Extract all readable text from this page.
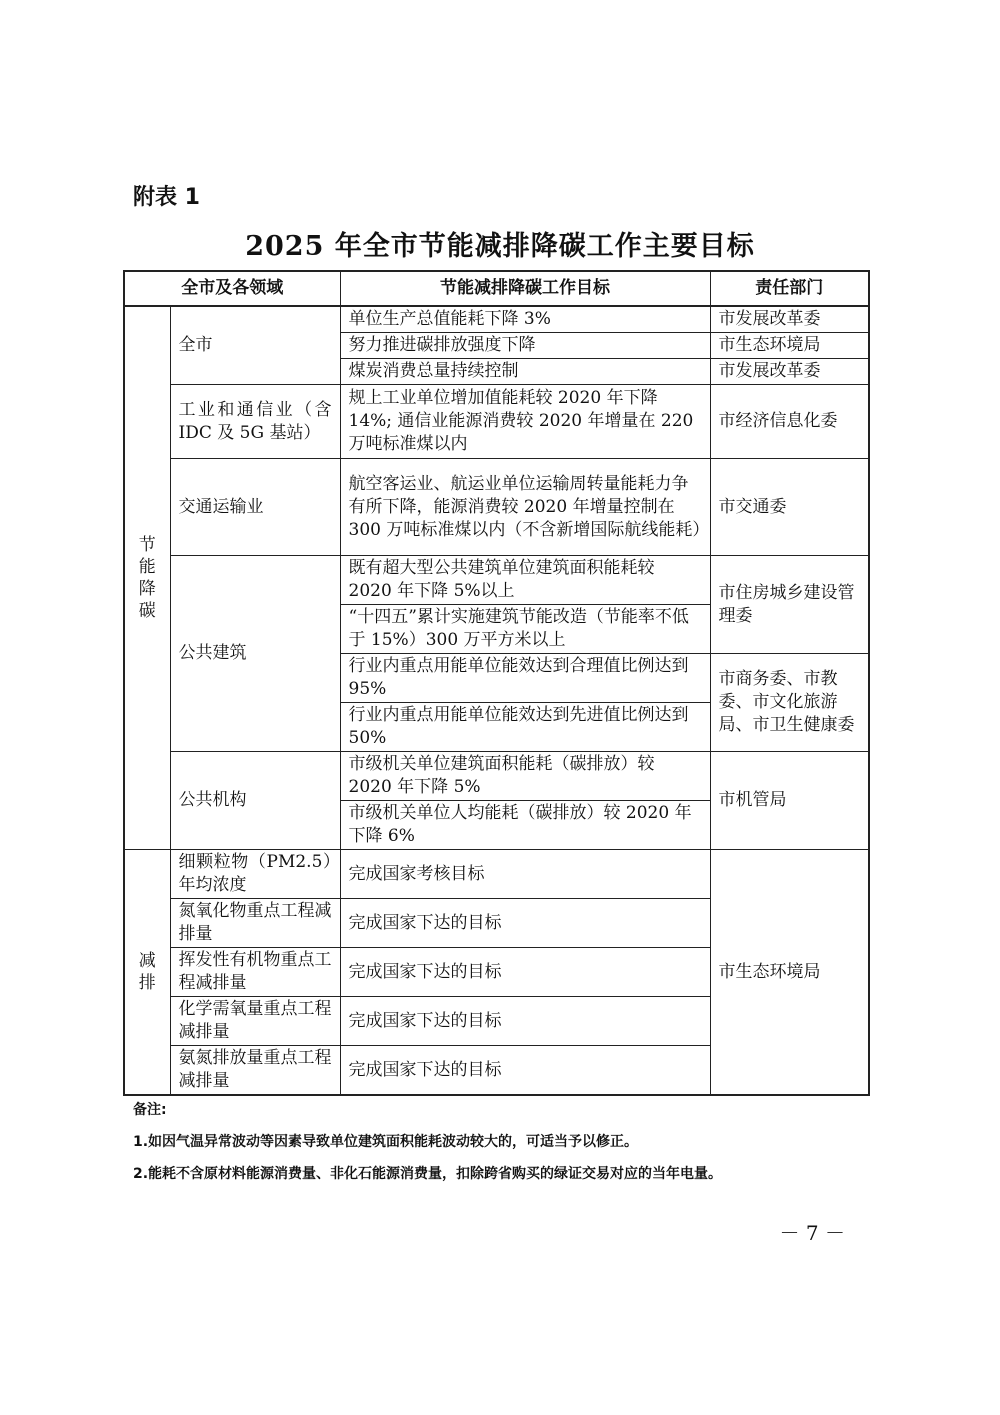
附表 1
2025 年全市节能减排降碳工作主要目标
全市及各领域		节能减排降碳工作目标	责任部门
节能降碳	全市	单位生产总值能耗下降 3%	市发展改革委
		努力推进碳排放强度下降	市生态环境局
		煤炭消费总量持续控制	市发展改革委
	工业和通信业（含 IDC 及 5G 基站）	规上工业单位增加值能耗较 2020 年下降 14%; 通信业能源消费较 2020 年增量在 220 万吨标准煤以内	市经济信息化委
	交通运输业	航空客运业、航运业单位运输周转量能耗力争有所下降，能源消费较 2020 年增量控制在 300 万吨标准煤以内（不含新增国际航线能耗）	市交通委
	公共建筑	既有超大型公共建筑单位建筑面积能耗较 2020 年下降 5%以上	市住房城乡建设管理委
		“十四五”累计实施建筑节能改造（节能率不低于 15%）300 万平方米以上	
		行业内重点用能单位能效达到合理值比例达到 95%	市商务委、市教委、市文化旅游局、市卫生健康委
		行业内重点用能单位能效达到先进值比例达到 50%	
	公共机构	市级机关单位建筑面积能耗（碳排放）较 2020 年下降 5%	市机管局
		市级机关单位人均能耗（碳排放）较 2020 年下降 6%	

减排	细颗粒物（PM2.5）年均浓度	完成国家考核目标	市生态环境局
	氮氧化物重点工程减排量	完成国家下达的目标	
	挥发性有机物重点工程减排量	完成国家下达的目标	
	化学需氧量重点工程减排量	完成国家下达的目标	
	氨氮排放量重点工程减排量	完成国家下达的目标	
备注:
1.如因气温异常波动等因素导致单位建筑面积能耗波动较大的，可适当予以修正。
2.能耗不含原材料能源消费量、非化石能源消费量，扣除跨省购买的绿证交易对应的当年电量。
－ 7 －
